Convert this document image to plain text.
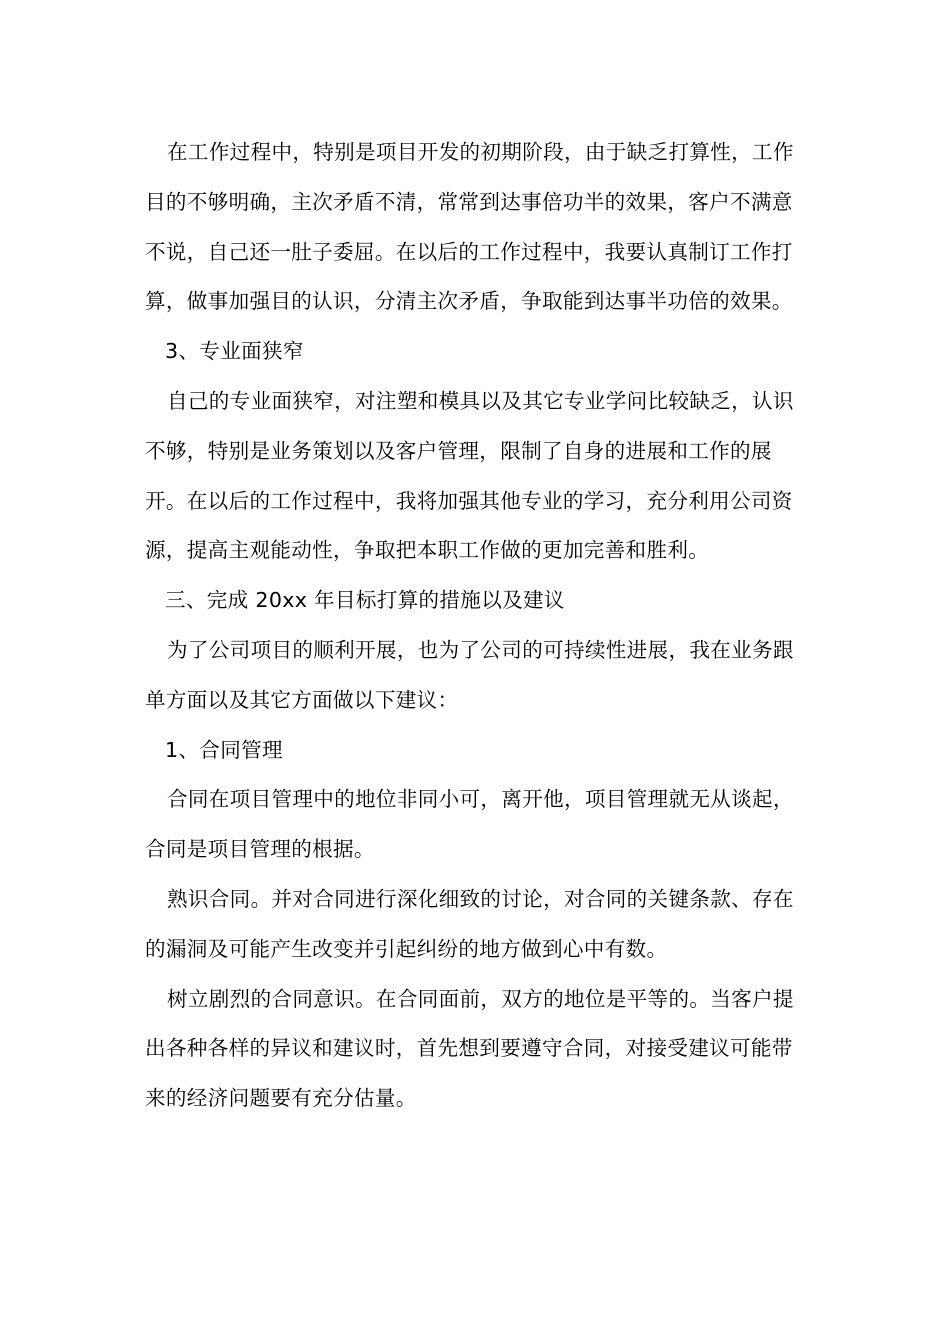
在工作过程中，特别是项目开发的初期阶段，由于缺乏打算性，工作目的不够明确，主次矛盾不清，常常到达事倍功半的效果，客户不满意不说，自己还一肚子委屈。在以后的工作过程中，我要认真制订工作打算，做事加强目的认识，分清主次矛盾，争取能到达事半功倍的效果。

3、专业面狭窄

自己的专业面狭窄，对注塑和模具以及其它专业学问比较缺乏，认识不够，特别是业务策划以及客户管理，限制了自身的进展和工作的展开。在以后的工作过程中，我将加强其他专业的学习，充分利用公司资源，提高主观能动性，争取把本职工作做的更加完善和胜利。

三、完成 20xx 年目标打算的措施以及建议

为了公司项目的顺利开展，也为了公司的可持续性进展，我在业务跟单方面以及其它方面做以下建议：

1、合同管理

合同在项目管理中的地位非同小可，离开他，项目管理就无从谈起，合同是项目管理的根据。

熟识合同。并对合同进行深化细致的讨论，对合同的关键条款、存在的漏洞及可能产生改变并引起纠纷的地方做到心中有数。

树立剧烈的合同意识。在合同面前，双方的地位是平等的。当客户提出各种各样的异议和建议时，首先想到要遵守合同，对接受建议可能带来的经济问题要有充分估量。
